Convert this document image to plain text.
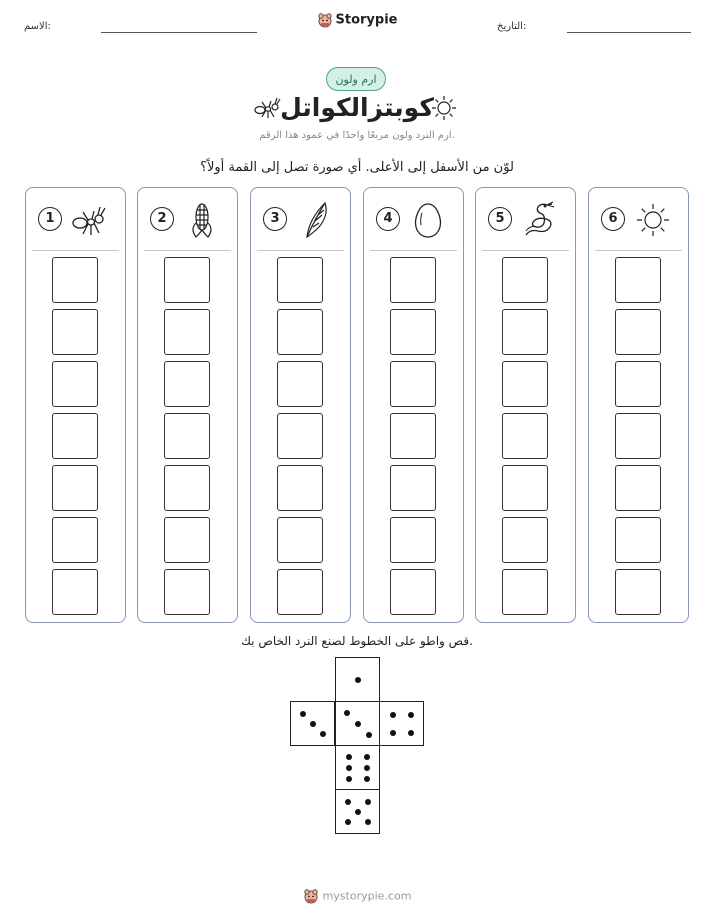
الاسم:	Storypie	التاريخ:
ارم ولون
كوبتزالكواتل
ارم النرد ولون مربعًا واحدًا في عمود هذا الرقم.
لوّن من الأسفل إلى الأعلى. أي صورة تصل إلى القمة أولاً؟
1	2	3	4	5	6
قص واطو على الخطوط لصنع النرد الخاص بك.
mystorypie.com
